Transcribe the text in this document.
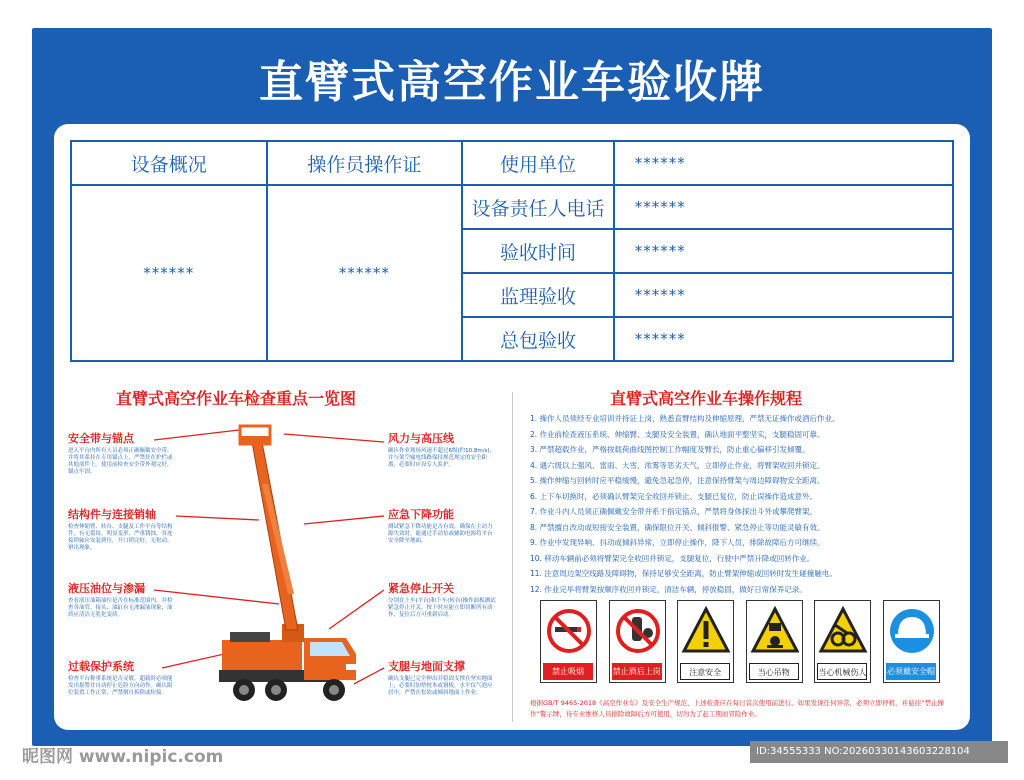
直臂式高空作业车验收牌
设备概况	操作员操作证	使用单位	******
******	******	设备责任人电话	******
		验收时间	******
		监理验收	******
		总包验收	******
直臂式高空作业车检查重点一览图
安全带与锚点
进入平台内所有人员必须正确佩戴安全带，并将其系挂在专用锚点上，严禁挂在护栏或其他部件上。使用前检查安全带外观完好，锚点牢固。
结构件与连接销轴
检查伸缩臂、转台、支腿及工作平台等结构件，有无裂纹、明显变形、严重锈蚀。各连接销轴应安装到位，开口销完好，无松动、窜出现象。
液压油位与渗漏
查看液压油箱油位是否在标准范围内，并检查各油管、接头、油缸有无渗漏油现象，油质应清洁无乳化变质。
过载保护系统
检查平台称重系统是否灵敏，超载时必须能发出报警并自动停止危险方向动作。确认限位装置工作正常，严禁擅自拆除或短接。
风力与高压线
确认作业现场风速不超过6级(约10.8m/s)，并与架空输电线路保持规范规定的安全距离，必要时应设专人监护。
应急下降功能
测试紧急下降功能是否有效，确保在主动力源失效时，能通过手动泵或辅助电源将平台安全降至地面。
紧急停止开关
分别在上车(平台)和下车(转台)操作面板测试紧急停止开关，按下时应能立即切断所有动作，复位后方可重新启动。
支腿与地面支撑
确认支腿已完全伸出并稳固支撑在坚实地面上，必要时加垫枕木或钢板，水平仪气泡应居中，严禁在松软或倾斜地面上作业。
直臂式高空作业车操作规程
1. 操作人员须经专业培训并持证上岗，熟悉直臂结构及伸缩原理，严禁无证操作或酒后作业。
2. 作业前检查液压系统、伸缩臂、支腿及安全装置，确认地面平整坚实，支腿稳固可靠。
3. 严禁超载作业，严格按载荷曲线图控制工作幅度及臂长，防止重心偏移引发倾覆。
4. 遇六级以上强风、雷雨、大雪、浓雾等恶劣天气，立即停止作业，将臂架收回并锁定。
5. 操作伸缩与回转时应平稳缓慢，避免急起急停，注意保持臂架与周边障碍物安全距离。
6. 上下车切换时，必须确认臂架完全收回并锁止、支腿已复位，防止误操作造成意外。
7. 作业斗内人员须正确佩戴安全带并系于指定锚点，严禁将身体探出斗外或攀爬臂架。
8. 严禁擅自改动或短接安全装置，确保限位开关、倾斜报警、紧急停止等功能灵敏有效。
9. 作业中发现异响、抖动或倾斜异常，立即停止操作，降下人员，排除故障后方可继续。
10. 移动车辆前必须将臂架完全收回并锁定，支腿复位，行驶中严禁升降或回转作业。
11. 注意周边架空线路及障碍物，保持足够安全距离，防止臂架伸缩或回转时发生碰撞触电。
12. 作业完毕将臂架按顺序收回并锁定，清洁车辆，停放稳固，做好日常保养记录。
禁止吸烟	禁止酒后上岗	注意安全	当心吊物	当心机械伤人	必须戴安全帽
根据GB/T 9465-2018《高空作业车》及安全生产规范，上述检查应在每日首次使用前进行。如果发现任何异常，必须立即停机，并悬挂“禁止操作”警示牌，待专业维修人员排除故障后方可使用，切勿为了赶工期而冒险作业。
昵图网 www.nipic.com	ID:34555333 NO:20260330143603228104
